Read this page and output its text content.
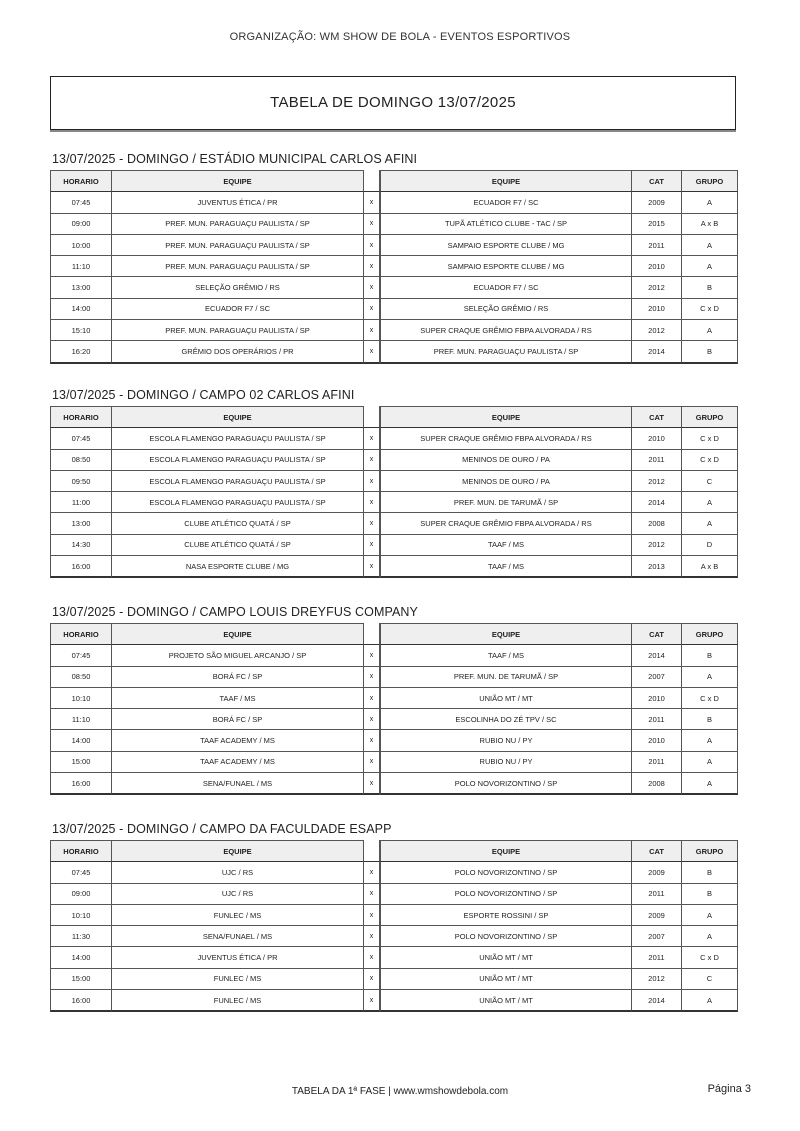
ORGANIZAÇÃO: WM SHOW DE BOLA - EVENTOS ESPORTIVOS
TABELA DE DOMINGO 13/07/2025
13/07/2025 - DOMINGO / ESTÁDIO MUNICIPAL CARLOS AFINI
HORARIO	EQUIPE		EQUIPE	CAT	GRUPO
07:45	JUVENTUS ÉTICA / PR	x	ECUADOR F7 / SC	2009	A
09:00	PREF. MUN. PARAGUAÇU PAULISTA / SP	x	TUPÃ ATLÉTICO CLUBE - TAC / SP	2015	A x B
10:00	PREF. MUN. PARAGUAÇU PAULISTA / SP	x	SAMPAIO ESPORTE CLUBE / MG	2011	A
11:10	PREF. MUN. PARAGUAÇU PAULISTA / SP	x	SAMPAIO ESPORTE CLUBE / MG	2010	A
13:00	SELEÇÃO GRÊMIO / RS	x	ECUADOR F7 / SC	2012	B
14:00	ECUADOR F7 / SC	x	SELEÇÃO GRÊMIO / RS	2010	C x D
15:10	PREF. MUN. PARAGUAÇU PAULISTA / SP	x	SUPER CRAQUE GRÊMIO FBPA ALVORADA / RS	2012	A
16:20	GRÊMIO DOS OPERÁRIOS / PR	x	PREF. MUN. PARAGUAÇU PAULISTA / SP	2014	B
13/07/2025 - DOMINGO / CAMPO 02 CARLOS AFINI
HORARIO	EQUIPE		EQUIPE	CAT	GRUPO
07:45	ESCOLA FLAMENGO PARAGUAÇU PAULISTA / SP	x	SUPER CRAQUE GRÊMIO FBPA ALVORADA / RS	2010	C x D
08:50	ESCOLA FLAMENGO PARAGUAÇU PAULISTA / SP	x	MENINOS DE OURO / PA	2011	C x D
09:50	ESCOLA FLAMENGO PARAGUAÇU PAULISTA / SP	x	MENINOS DE OURO / PA	2012	C
11:00	ESCOLA FLAMENGO PARAGUAÇU PAULISTA / SP	x	PREF. MUN. DE TARUMÃ / SP	2014	A
13:00	CLUBE ATLÉTICO QUATÁ / SP	x	SUPER CRAQUE GRÊMIO FBPA ALVORADA / RS	2008	A
14:30	CLUBE ATLÉTICO QUATÁ / SP	x	TAAF / MS	2012	D
16:00	NASA ESPORTE CLUBE / MG	x	TAAF / MS	2013	A x B
13/07/2025 - DOMINGO / CAMPO LOUIS DREYFUS COMPANY
HORARIO	EQUIPE		EQUIPE	CAT	GRUPO
07:45	PROJETO SÃO MIGUEL ARCANJO / SP	x	TAAF / MS	2014	B
08:50	BORÁ FC / SP	x	PREF. MUN. DE TARUMÃ / SP	2007	A
10:10	TAAF / MS	x	UNIÃO MT / MT	2010	C x D
11:10	BORÁ FC / SP	x	ESCOLINHA DO ZÉ TPV / SC	2011	B
14:00	TAAF ACADEMY / MS	x	RUBIO NU / PY	2010	A
15:00	TAAF ACADEMY / MS	x	RUBIO NU / PY	2011	A
16:00	SENA/FUNAEL / MS	x	POLO NOVORIZONTINO / SP	2008	A
13/07/2025 - DOMINGO / CAMPO DA FACULDADE ESAPP
HORARIO	EQUIPE		EQUIPE	CAT	GRUPO
07:45	UJC / RS	x	POLO NOVORIZONTINO / SP	2009	B
09:00	UJC / RS	x	POLO NOVORIZONTINO / SP	2011	B
10:10	FUNLEC / MS	x	ESPORTE ROSSINI / SP	2009	A
11:30	SENA/FUNAEL / MS	x	POLO NOVORIZONTINO / SP	2007	A
14:00	JUVENTUS ÉTICA / PR	x	UNIÃO MT / MT	2011	C x D
15:00	FUNLEC / MS	x	UNIÃO MT / MT	2012	C
16:00	FUNLEC / MS	x	UNIÃO MT / MT	2014	A
TABELA DA 1ª FASE | www.wmshowdebola.com	Página 3
